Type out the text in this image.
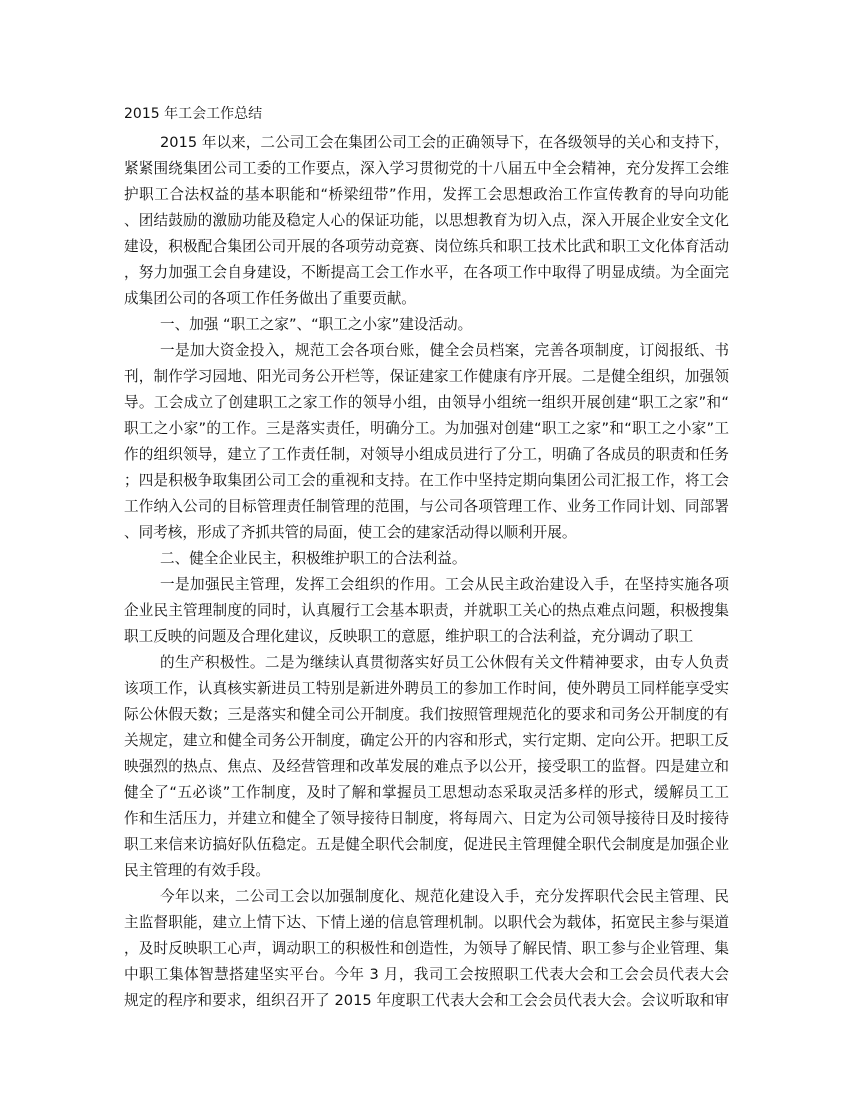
2015 年工会工作总结
2015 年以来，二公司工会在集团公司工会的正确领导下，在各级领导的关心和支持下，
紧紧围绕集团公司工委的工作要点，深入学习贯彻党的十八届五中全会精神，充分发挥工会维
护职工合法权益的基本职能和“桥梁纽带”作用，发挥工会思想政治工作宣传教育的导向功能
、团结鼓励的激励功能及稳定人心的保证功能，以思想教育为切入点，深入开展企业安全文化
建设，积极配合集团公司开展的各项劳动竞赛、岗位练兵和职工技术比武和职工文化体育活动
，努力加强工会自身建设，不断提高工会工作水平，在各项工作中取得了明显成绩。为全面完
成集团公司的各项工作任务做出了重要贡献。
一、加强 “职工之家”、“职工之小家”建设活动。
一是加大资金投入，规范工会各项台账，健全会员档案，完善各项制度，订阅报纸、书
刊，制作学习园地、阳光司务公开栏等，保证建家工作健康有序开展。二是健全组织，加强领
导。工会成立了创建职工之家工作的领导小组，由领导小组统一组织开展创建“职工之家”和“
职工之小家”的工作。三是落实责任，明确分工。为加强对创建“职工之家”和“职工之小家”工
作的组织领导，建立了工作责任制，对领导小组成员进行了分工，明确了各成员的职责和任务
；四是积极争取集团公司工会的重视和支持。在工作中坚持定期向集团公司汇报工作，将工会
工作纳入公司的目标管理责任制管理的范围，与公司各项管理工作、业务工作同计划、同部署
、同考核，形成了齐抓共管的局面，使工会的建家活动得以顺利开展。
二、健全企业民主，积极维护职工的合法利益。
一是加强民主管理，发挥工会组织的作用。工会从民主政治建设入手，在坚持实施各项
企业民主管理制度的同时，认真履行工会基本职责，并就职工关心的热点难点问题，积极搜集
职工反映的问题及合理化建议，反映职工的意愿，维护职工的合法利益，充分调动了职工
的生产积极性。二是为继续认真贯彻落实好员工公休假有关文件精神要求，由专人负责
该项工作，认真核实新进员工特别是新进外聘员工的参加工作时间，使外聘员工同样能享受实
际公休假天数；三是落实和健全司公开制度。我们按照管理规范化的要求和司务公开制度的有
关规定，建立和健全司务公开制度，确定公开的内容和形式，实行定期、定向公开。把职工反
映强烈的热点、焦点、及经营管理和改革发展的难点予以公开，接受职工的监督。四是建立和
健全了“五必谈”工作制度，及时了解和掌握员工思想动态采取灵活多样的形式，缓解员工工
作和生活压力，并建立和健全了领导接待日制度，将每周六、日定为公司领导接待日及时接待
职工来信来访搞好队伍稳定。五是健全职代会制度，促进民主管理健全职代会制度是加强企业
民主管理的有效手段。
今年以来，二公司工会以加强制度化、规范化建设入手，充分发挥职代会民主管理、民
主监督职能，建立上情下达、下情上递的信息管理机制。以职代会为载体，拓宽民主参与渠道
，及时反映职工心声，调动职工的积极性和创造性，为领导了解民情、职工参与企业管理、集
中职工集体智慧搭建坚实平台。今年 3 月，我司工会按照职工代表大会和工会会员代表大会
规定的程序和要求，组织召开了 2015 年度职工代表大会和工会会员代表大会。会议听取和审
